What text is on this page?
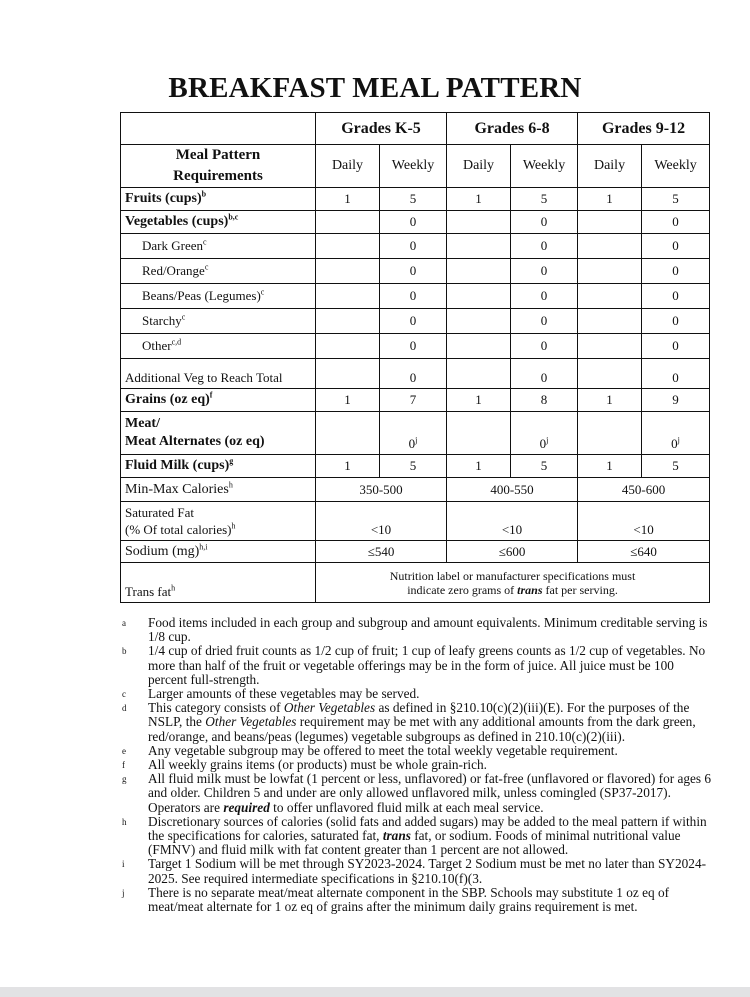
BREAKFAST MEAL PATTERN
	Grades K-5		Grades 6-8		Grades 9-12	
Meal Pattern
Requirements	Daily	Weekly	Daily	Weekly	Daily	Weekly
Fruits (cups)$^b$	1	5	1	5	1	5
Vegetables (cups)$^{b,c}$		0		0		0
Dark Green$^c$		0		0		0
Red/Orange$^c$		0		0		0
Beans/Peas (Legumes)$^c$		0		0		0
Starchy$^c$		0		0		0
Other$^{c,d}$		0		0		0
Additional Veg to Reach Total		0		0		0
Grains (oz eq)$^f$	1	7	1	8	1	9
Meat/
Meat Alternates (oz eq)		0$^j$		0$^j$		0$^j$
Fluid Milk (cups)$^g$	1	5	1	5	1	5
Min-Max Calories$^h$	350-500		400-550		450-600	
Saturated Fat
(% Of total calories)$^h$	<10		<10		<10	
Sodium (mg)$^{h,i}$	≤540		≤600		≤640	
Trans fat$^h$	Nutrition label or manufacturer specifications must
indicate zero grams of trans fat per serving.					
a Food items included in each group and subgroup and amount equivalents. Minimum creditable serving is 1/8 cup.
b 1/4 cup of dried fruit counts as 1/2 cup of fruit; 1 cup of leafy greens counts as 1/2 cup of vegetables. No more than half of the fruit or vegetable offerings may be in the form of juice. All juice must be 100 percent full-strength.
c Larger amounts of these vegetables may be served.
d This category consists of Other Vegetables as defined in §210.10(c)(2)(iii)(E). For the purposes of the NSLP, the Other Vegetables requirement may be met with any additional amounts from the dark green, red/orange, and beans/peas (legumes) vegetable subgroups as defined in 210.10(c)(2)(iii).
e Any vegetable subgroup may be offered to meet the total weekly vegetable requirement.
f All weekly grains items (or products) must be whole grain-rich.
g All fluid milk must be lowfat (1 percent or less, unflavored) or fat-free (unflavored or flavored) for ages 6 and older. Children 5 and under are only allowed unflavored milk, unless comingled (SP37-2017). Operators are required to offer unflavored fluid milk at each meal service.
h Discretionary sources of calories (solid fats and added sugars) may be added to the meal pattern if within the specifications for calories, saturated fat, trans fat, or sodium. Foods of minimal nutritional value (FMNV) and fluid milk with fat content greater than 1 percent are not allowed.
i Target 1 Sodium will be met through SY2023-2024. Target 2 Sodium must be met no later than SY2024-2025. See required intermediate specifications in §210.10(f)(3.
j There is no separate meat/meat alternate component in the SBP. Schools may substitute 1 oz eq of meat/meat alternate for 1 oz eq of grains after the minimum daily grains requirement is met.
